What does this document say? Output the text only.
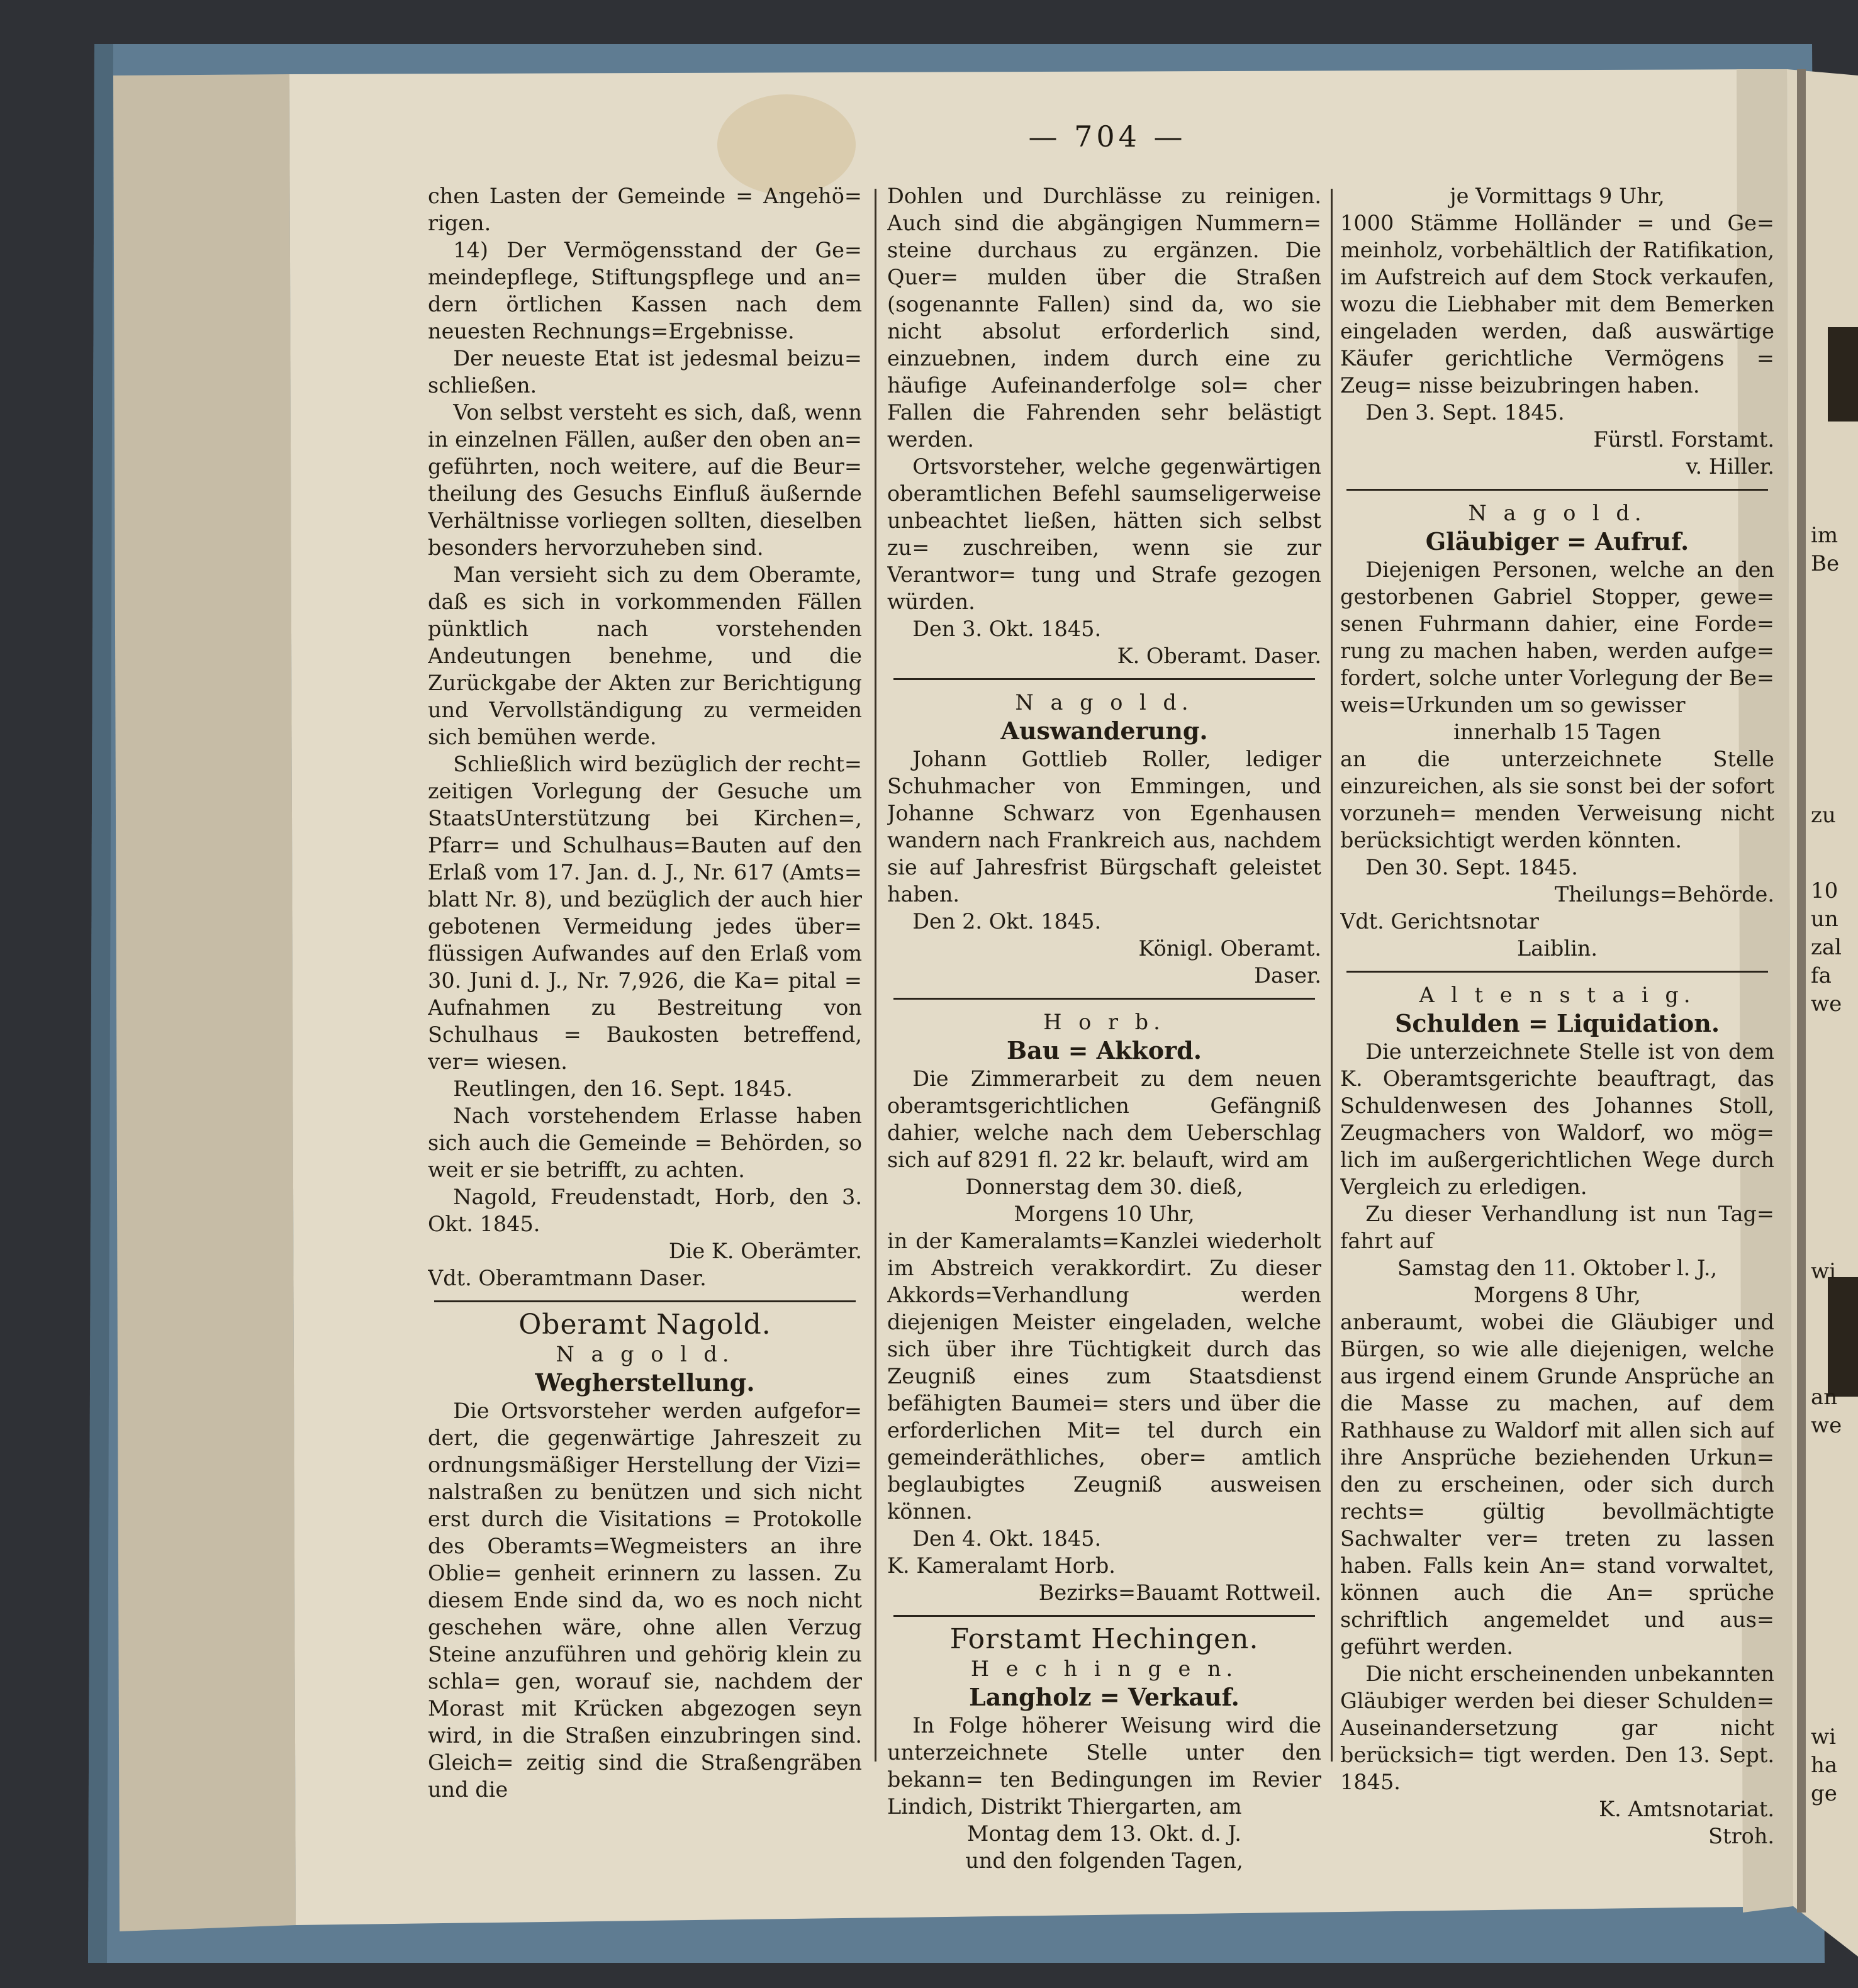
— 704 —

chen Lasten der Gemeinde = Angehö= rigen.

14) Der Vermögensstand der Ge= meindepflege, Stiftungspflege und an= dern örtlichen Kassen nach dem neuesten Rechnungs=Ergebnisse.

Der neueste Etat ist jedesmal beizu= schließen.

Von selbst versteht es sich, daß, wenn in einzelnen Fällen, außer den oben an= geführten, noch weitere, auf die Beur= theilung des Gesuchs Einfluß äußernde Verhältnisse vorliegen sollten, dieselben besonders hervorzuheben sind.

Man versieht sich zu dem Oberamte, daß es sich in vorkommenden Fällen pünktlich nach vorstehenden Andeutungen benehme, und die Zurückgabe der Akten zur Berichtigung und Vervollständigung zu vermeiden sich bemühen werde.

Schließlich wird bezüglich der recht= zeitigen Vorlegung der Gesuche um StaatsUnterstützung bei Kirchen=, Pfarr= und Schulhaus=Bauten auf den Erlaß vom 17. Jan. d. J., Nr. 617 (Amts= blatt Nr. 8), und bezüglich der auch hier gebotenen Vermeidung jedes über= flüssigen Aufwandes auf den Erlaß vom 30. Juni d. J., Nr. 7,926, die Ka= pital = Aufnahmen zu Bestreitung von Schulhaus = Baukosten betreffend, ver= wiesen.

Reutlingen, den 16. Sept. 1845.

Nach vorstehendem Erlasse haben sich auch die Gemeinde = Behörden, so weit er sie betrifft, zu achten.

Nagold, Freudenstadt, Horb, den 3. Okt. 1845.

Die K. Oberämter.

Vdt. Oberamtmann Daser.

Oberamt Nagold.

N a g o l d.

Wegherstellung.

Die Ortsvorsteher werden aufgefor= dert, die gegenwärtige Jahreszeit zu ordnungsmäßiger Herstellung der Vizi= nalstraßen zu benützen und sich nicht erst durch die Visitations = Protokolle des Oberamts=Wegmeisters an ihre Oblie= genheit erinnern zu lassen. Zu diesem Ende sind da, wo es noch nicht geschehen wäre, ohne allen Verzug Steine anzuführen und gehörig klein zu schla= gen, worauf sie, nachdem der Morast mit Krücken abgezogen seyn wird, in die Straßen einzubringen sind. Gleich= zeitig sind die Straßengräben und die

Dohlen und Durchlässe zu reinigen. Auch sind die abgängigen Nummern= steine durchaus zu ergänzen. Die Quer= mulden über die Straßen (sogenannte Fallen) sind da, wo sie nicht absolut erforderlich sind, einzuebnen, indem durch eine zu häufige Aufeinanderfolge sol= cher Fallen die Fahrenden sehr belästigt werden.

Ortsvorsteher, welche gegenwärtigen oberamtlichen Befehl saumseligerweise unbeachtet ließen, hätten sich selbst zu= zuschreiben, wenn sie zur Verantwor= tung und Strafe gezogen würden.

Den 3. Okt. 1845.

K. Oberamt. Daser.

N a g o l d.

Auswanderung.

Johann Gottlieb Roller, lediger Schuhmacher von Emmingen, und Johanne Schwarz von Egenhausen wandern nach Frankreich aus, nachdem sie auf Jahresfrist Bürgschaft geleistet haben.

Den 2. Okt. 1845.

Königl. Oberamt.

Daser.

H o r b.

Bau = Akkord.

Die Zimmerarbeit zu dem neuen oberamtsgerichtlichen Gefängniß dahier, welche nach dem Ueberschlag sich auf 8291 fl. 22 kr. belauft, wird am

Donnerstag dem 30. dieß,

Morgens 10 Uhr,

in der Kameralamts=Kanzlei wiederholt im Abstreich verakkordirt. Zu dieser Akkords=Verhandlung werden diejenigen Meister eingeladen, welche sich über ihre Tüchtigkeit durch das Zeugniß eines zum Staatsdienst befähigten Baumei= sters und über die erforderlichen Mit= tel durch ein gemeinderäthliches, ober= amtlich beglaubigtes Zeugniß ausweisen können.

Den 4. Okt. 1845.

K. Kameralamt Horb.

Bezirks=Bauamt Rottweil.

Forstamt Hechingen.

H e c h i n g e n.

Langholz = Verkauf.

In Folge höherer Weisung wird die unterzeichnete Stelle unter den bekann= ten Bedingungen im Revier Lindich, Distrikt Thiergarten, am

Montag dem 13. Okt. d. J.

und den folgenden Tagen,

je Vormittags 9 Uhr,

1000 Stämme Holländer = und Ge= meinholz, vorbehältlich der Ratifikation, im Aufstreich auf dem Stock verkaufen, wozu die Liebhaber mit dem Bemerken eingeladen werden, daß auswärtige Käufer gerichtliche Vermögens = Zeug= nisse beizubringen haben.

Den 3. Sept. 1845.

Fürstl. Forstamt.

v. Hiller.

N a g o l d.

Gläubiger = Aufruf.

Diejenigen Personen, welche an den gestorbenen Gabriel Stopper, gewe= senen Fuhrmann dahier, eine Forde= rung zu machen haben, werden aufge= fordert, solche unter Vorlegung der Be= weis=Urkunden um so gewisser

innerhalb 15 Tagen

an die unterzeichnete Stelle einzureichen, als sie sonst bei der sofort vorzuneh= menden Verweisung nicht berücksichtigt werden könnten.

Den 30. Sept. 1845.

Theilungs=Behörde.

Vdt. Gerichtsnotar

Laiblin.

A l t e n s t a i g.

Schulden = Liquidation.

Die unterzeichnete Stelle ist von dem K. Oberamtsgerichte beauftragt, das Schuldenwesen des Johannes Stoll, Zeugmachers von Waldorf, wo mög= lich im außergerichtlichen Wege durch Vergleich zu erledigen.

Zu dieser Verhandlung ist nun Tag= fahrt auf

Samstag den 11. Oktober l. J.,

Morgens 8 Uhr,

anberaumt, wobei die Gläubiger und Bürgen, so wie alle diejenigen, welche aus irgend einem Grunde Ansprüche an die Masse zu machen, auf dem Rathhause zu Waldorf mit allen sich auf ihre Ansprüche beziehenden Urkun= den zu erscheinen, oder sich durch rechts= gültig bevollmächtigte Sachwalter ver= treten zu lassen haben. Falls kein An= stand vorwaltet, können auch die An= sprüche schriftlich angemeldet und aus= geführt werden.

Die nicht erscheinenden unbekannten Gläubiger werden bei dieser Schulden= Auseinandersetzung gar nicht berücksich= tigt werden. Den 13. Sept. 1845.

K. Amtsnotariat.

Stroh.

im
Be
zu
10
un
zal
fa
we
wi
an
we
wi
ha
ge
